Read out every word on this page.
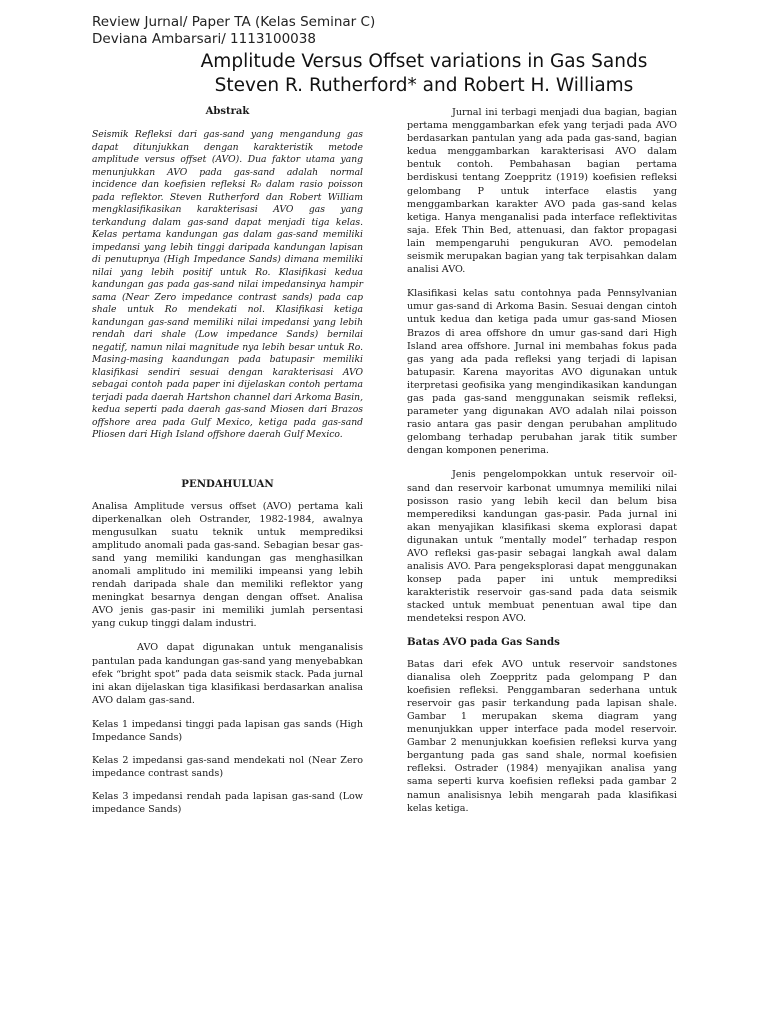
Review Jurnal/ Paper TA (Kelas Seminar C)
Deviana Ambarsari/ 1113100038
Amplitude Versus Offset variations in Gas Sands
Steven R. Rutherford* and Robert H. Williams

Abstrak

Seismik Refleksi dari gas-sand yang mengandung gas dapat ditunjukkan dengan karakteristik metode amplitude versus offset (AVO). Dua faktor utama yang menunjukkan AVO pada gas-sand adalah normal incidence dan koefisien refleksi R₀ dalam rasio poisson pada reflektor. Steven Rutherford dan Robert William mengklasifikasikan karakterisasi AVO gas yang terkandung dalam gas-sand dapat menjadi tiga kelas. Kelas pertama kandungan gas dalam gas-sand memiliki impedansi yang lebih tinggi daripada kandungan lapisan di penutupnya (High Impedance Sands) dimana memiliki nilai yang lebih positif untuk Ro. Klasifikasi kedua kandungan gas pada gas-sand nilai impedansinya hampir sama (Near Zero impedance contrast sands) pada cap shale untuk Ro mendekati nol. Klasifikasi ketiga kandungan gas-sand memiliki nilai impedansi yang lebih rendah dari shale (Low impedance Sands) bernilai negatif, namun nilai magnitude nya lebih besar untuk Ro. Masing-masing kaandungan pada batupasir memiliki klasifikasi sendiri sesuai dengan karakterisasi AVO sebagai contoh pada paper ini dijelaskan contoh pertama terjadi pada daerah Hartshon channel dari Arkoma Basin, kedua seperti pada daerah gas-sand Miosen dari Brazos offshore area pada Gulf Mexico, ketiga pada gas-sand Pliosen dari High Island offshore daerah Gulf Mexico.

PENDAHULUAN

Analisa Amplitude versus offset (AVO) pertama kali diperkenalkan oleh Ostrander, 1982-1984, awalnya mengusulkan suatu teknik untuk memprediksi amplitudo anomali pada gas-sand. Sebagian besar gas-sand yang memiliki kandungan gas menghasilkan anomali amplitudo ini memiliki impeansi yang lebih rendah daripada shale dan memiliki reflektor yang meningkat besarnya dengan dengan offset. Analisa AVO jenis gas-pasir ini memiliki jumlah persentasi yang cukup tinggi dalam industri.

AVO dapat digunakan untuk menganalisis pantulan pada kandungan gas-sand yang menyebabkan efek “bright spot” pada data seismik stack. Pada jurnal ini akan dijelaskan tiga klasifikasi berdasarkan analisa AVO dalam gas-sand.

Kelas 1 impedansi tinggi pada lapisan gas sands (High Impedance Sands)

Kelas 2 impedansi gas-sand mendekati nol (Near Zero impedance contrast sands)

Kelas 3 impedansi rendah pada lapisan gas-sand (Low impedance Sands)

Jurnal ini terbagi menjadi dua bagian, bagian pertama menggambarkan efek yang terjadi pada AVO berdasarkan pantulan yang ada pada gas-sand, bagian kedua menggambarkan karakterisasi AVO dalam bentuk contoh. Pembahasan bagian pertama berdiskusi tentang Zoeppritz (1919) koefisien refleksi gelombang P untuk interface elastis yang menggambarkan karakter AVO pada gas-sand kelas ketiga. Hanya menganalisi pada interface reflektivitas saja. Efek Thin Bed, attenuasi, dan faktor propagasi lain mempengaruhi pengukuran AVO. pemodelan seismik merupakan bagian yang tak terpisahkan dalam analisi AVO.

Klasifikasi kelas satu contohnya pada Pennsylvanian umur gas-sand di Arkoma Basin. Sesuai dengan cintoh untuk kedua dan ketiga pada umur gas-sand Miosen Brazos di area offshore dn umur gas-sand dari High Island area offshore. Jurnal ini membahas fokus pada gas yang ada pada refleksi yang terjadi di lapisan batupasir. Karena mayoritas AVO digunakan untuk iterpretasi geofisika yang mengindikasikan kandungan gas pada gas-sand menggunakan seismik refleksi, parameter yang digunakan AVO adalah nilai poisson rasio antara gas pasir dengan perubahan amplitudo gelombang terhadap perubahan jarak titik sumber dengan komponen penerima.

Jenis pengelompokkan untuk reservoir oil-sand dan reservoir karbonat umumnya memiliki nilai posisson rasio yang lebih kecil dan belum bisa memperediksi kandungan gas-pasir. Pada jurnal ini akan menyajikan klasifikasi skema explorasi dapat digunakan untuk “mentally model” terhadap respon AVO refleksi gas-pasir sebagai langkah awal dalam analisis AVO. Para pengeksplorasi dapat menggunakan konsep pada paper ini untuk memprediksi karakteristik reservoir gas-sand pada data seismik stacked untuk membuat penentuan awal tipe dan mendeteksi respon AVO.

Batas AVO pada Gas Sands

Batas dari efek AVO untuk reservoir sandstones dianalisa oleh Zoeppritz pada gelompang P dan koefisien refleksi. Penggambaran sederhana untuk reservoir gas pasir terkandung pada lapisan shale. Gambar 1 merupakan skema diagram yang menunjukkan upper interface pada model reservoir. Gambar 2 menunjukkan koefisien refleksi kurva yang bergantung pada gas sand shale, normal koefisien refleksi. Ostrader (1984) menyajikan analisa yang sama seperti kurva koefisien refleksi pada gambar 2 namun analisisnya lebih mengarah pada klasifikasi kelas ketiga.
